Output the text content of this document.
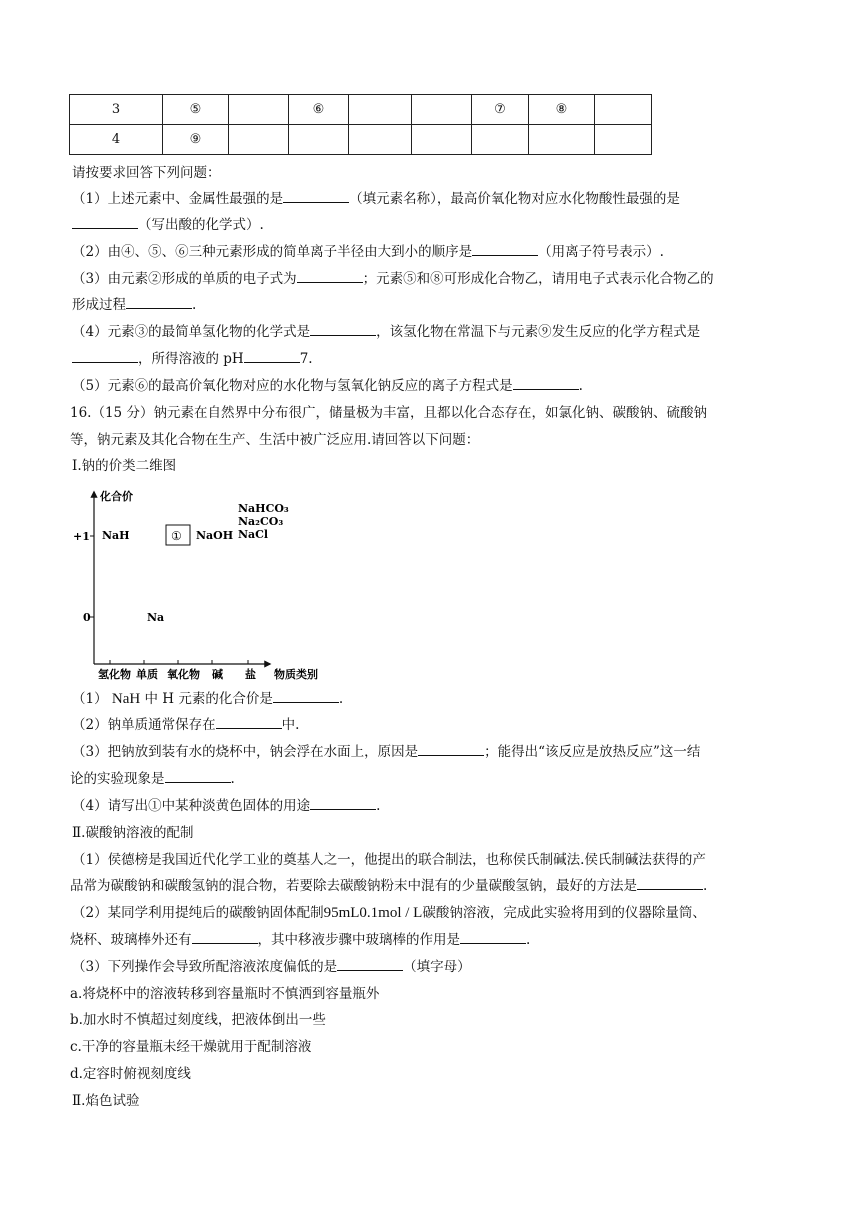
3	⑤		⑥			⑦	⑧	
4	⑨							
请按要求回答下列问题：
（1）上述元素中、金属性最强的是	（填元素名称），最高价氧化物对应水化物酸性最强的是
（写出酸的化学式）.
（2）由④、⑤、⑥三种元素形成的简单离子半径由大到小的顺序是	（用离子符号表示）.
（3）由元素②形成的单质的电子式为	；元素⑤和⑧可形成化合物乙，请用电子式表示化合物乙的
形成过程	.
（4）元素③的最简单氢化物的化学式是	，该氢化物在常温下与元素⑨发生反应的化学方程式是
，所得溶液的 pH	7.
（5）元素⑥的最高价氧化物对应的水化物与氢氧化钠反应的离子方程式是	.
16.（15 分）钠元素在自然界中分布很广，储量极为丰富，且都以化合态存在，如氯化钠、碳酸钠、硫酸钠
等，钠元素及其化合物在生产、生活中被广泛应用.请回答以下问题：
Ⅰ.钠的价类二维图
化合价
+1
0
NaH	① NaOH
NaHCO₃
Na₂CO₃
NaCl
Na
氢化物 单质 氧化物 碱 盐 物质类别
（1） NaH 中 H 元素的化合价是	.
（2）钠单质通常保存在	中.
（3）把钠放到装有水的烧杯中，钠会浮在水面上，原因是	；能得出“该反应是放热反应”这一结
论的实验现象是	.
（4）请写出①中某种淡黄色固体的用途	.
Ⅱ.碳酸钠溶液的配制
（1）侯德榜是我国近代化学工业的奠基人之一，他提出的联合制法，也称侯氏制碱法.侯氏制碱法获得的产
品常为碳酸钠和碳酸氢钠的混合物，若要除去碳酸钠粉末中混有的少量碳酸氢钠，最好的方法是	.
（2）某同学利用提纯后的碳酸钠固体配制95mL0.1mol / L碳酸钠溶液，完成此实验将用到的仪器除量筒、
烧杯、玻璃棒外还有	，其中移液步骤中玻璃棒的作用是	.
（3）下列操作会导致所配溶液浓度偏低的是	（填字母）
a.将烧杯中的溶液转移到容量瓶时不慎洒到容量瓶外
b.加水时不慎超过刻度线，把液体倒出一些
c.干净的容量瓶未经干燥就用于配制溶液
d.定容时俯视刻度线
Ⅱ.焰色试验
